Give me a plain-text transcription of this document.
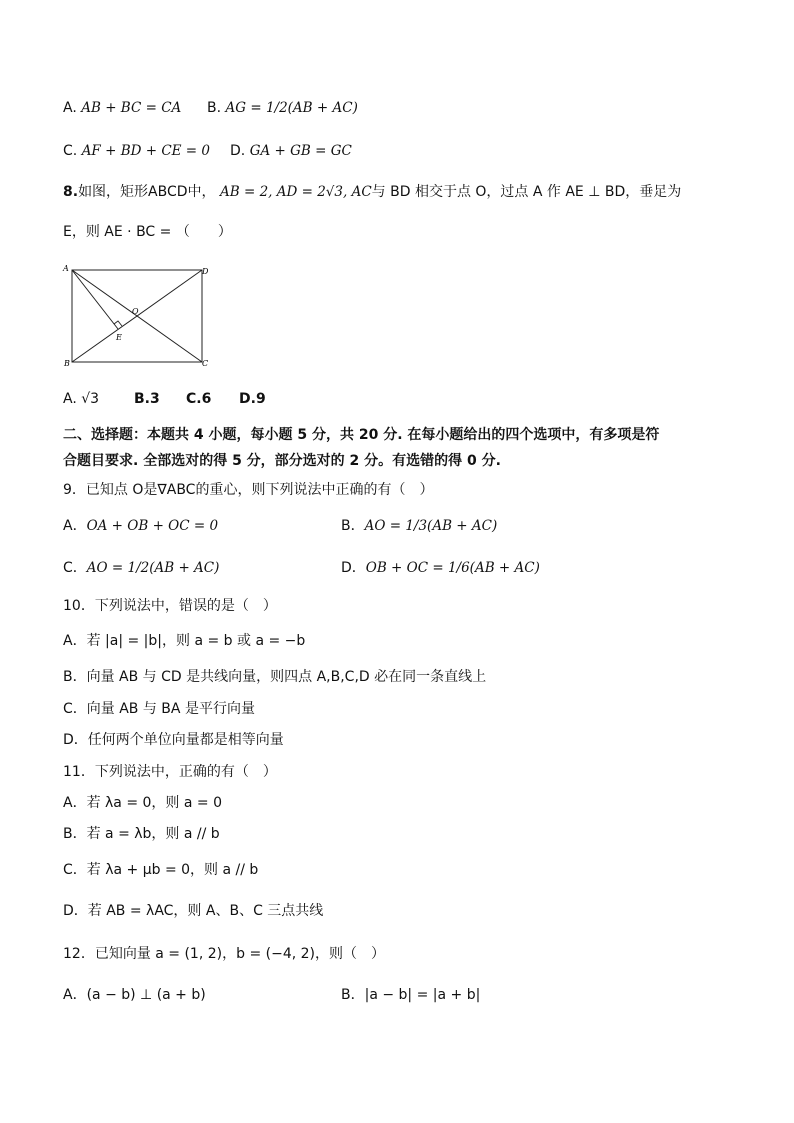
A. AB + BC = CA B. AG = 1/2(AB + AC)
C. AF + BD + CE = 0 D. GA + GB = GC
8.如图，矩形ABCD中， AB = 2, AD = 2√3, AC与 BD 相交于点 O，过点 A 作 AE ⊥ BD，垂足为
E，则 AE · BC = （　　）
A	D
B	C
O
E
A. √3 B.3 C.6 D.9
二、选择题：本题共 4 小题，每小题 5 分，共 20 分. 在每小题给出的四个选项中，有多项是符
合题目要求. 全部选对的得 5 分，部分选对的 2 分。有选错的得 0 分.
9．已知点 O是∇ABC的重心，则下列说法中正确的有（　）
A．OA + OB + OC = 0	B．AO = 1/3(AB + AC)
C．AO = 1/2(AB + AC)	D．OB + OC = 1/6(AB + AC)
10．下列说法中，错误的是（　）
A．若 |a| = |b|，则 a = b 或 a = −b
B．向量 AB 与 CD 是共线向量，则四点 A,B,C,D 必在同一条直线上
C．向量 AB 与 BA 是平行向量
D．任何两个单位向量都是相等向量
11．下列说法中，正确的有（　）
A．若 λa = 0，则 a = 0
B．若 a = λb，则 a // b
C．若 λa + μb = 0，则 a // b
D．若 AB = λAC，则 A、B、C 三点共线
12．已知向量 a = (1, 2)，b = (−4, 2)，则（　）
A．(a − b) ⊥ (a + b)	B．|a − b| = |a + b|
